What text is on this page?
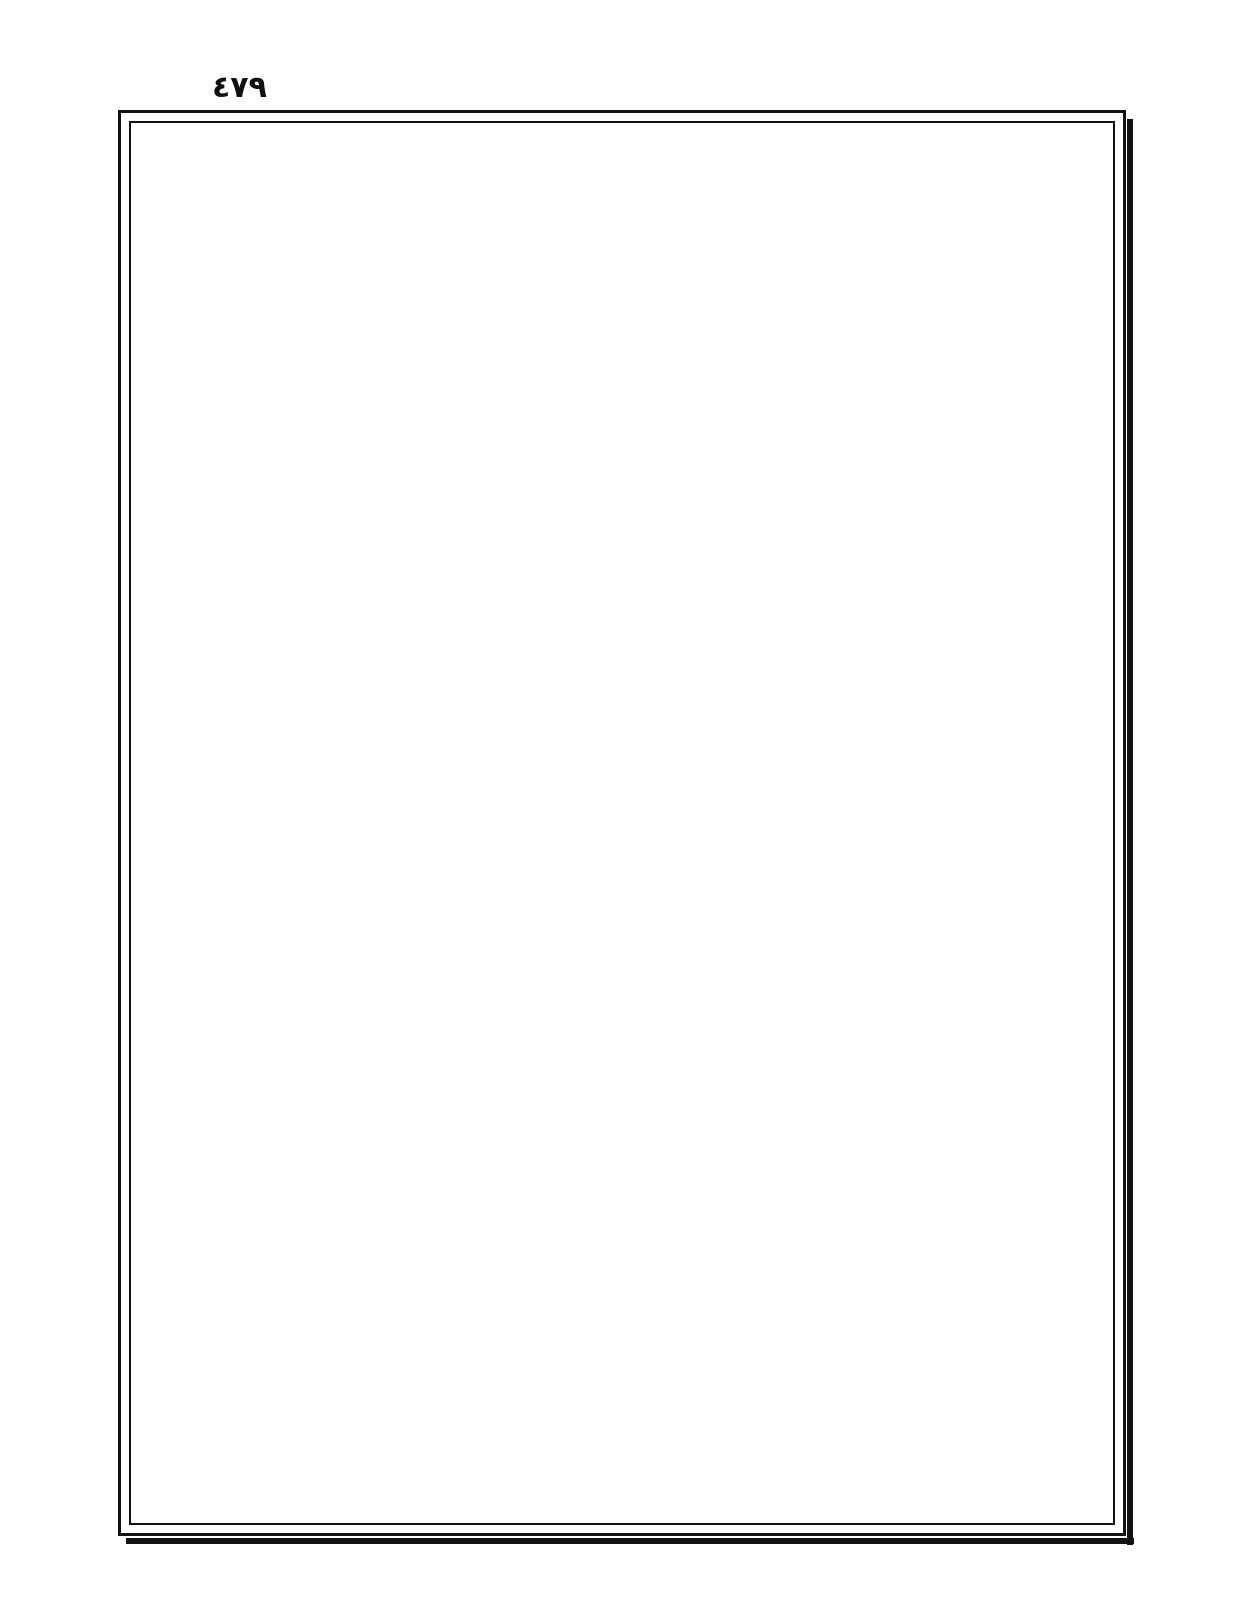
٤٧٩
